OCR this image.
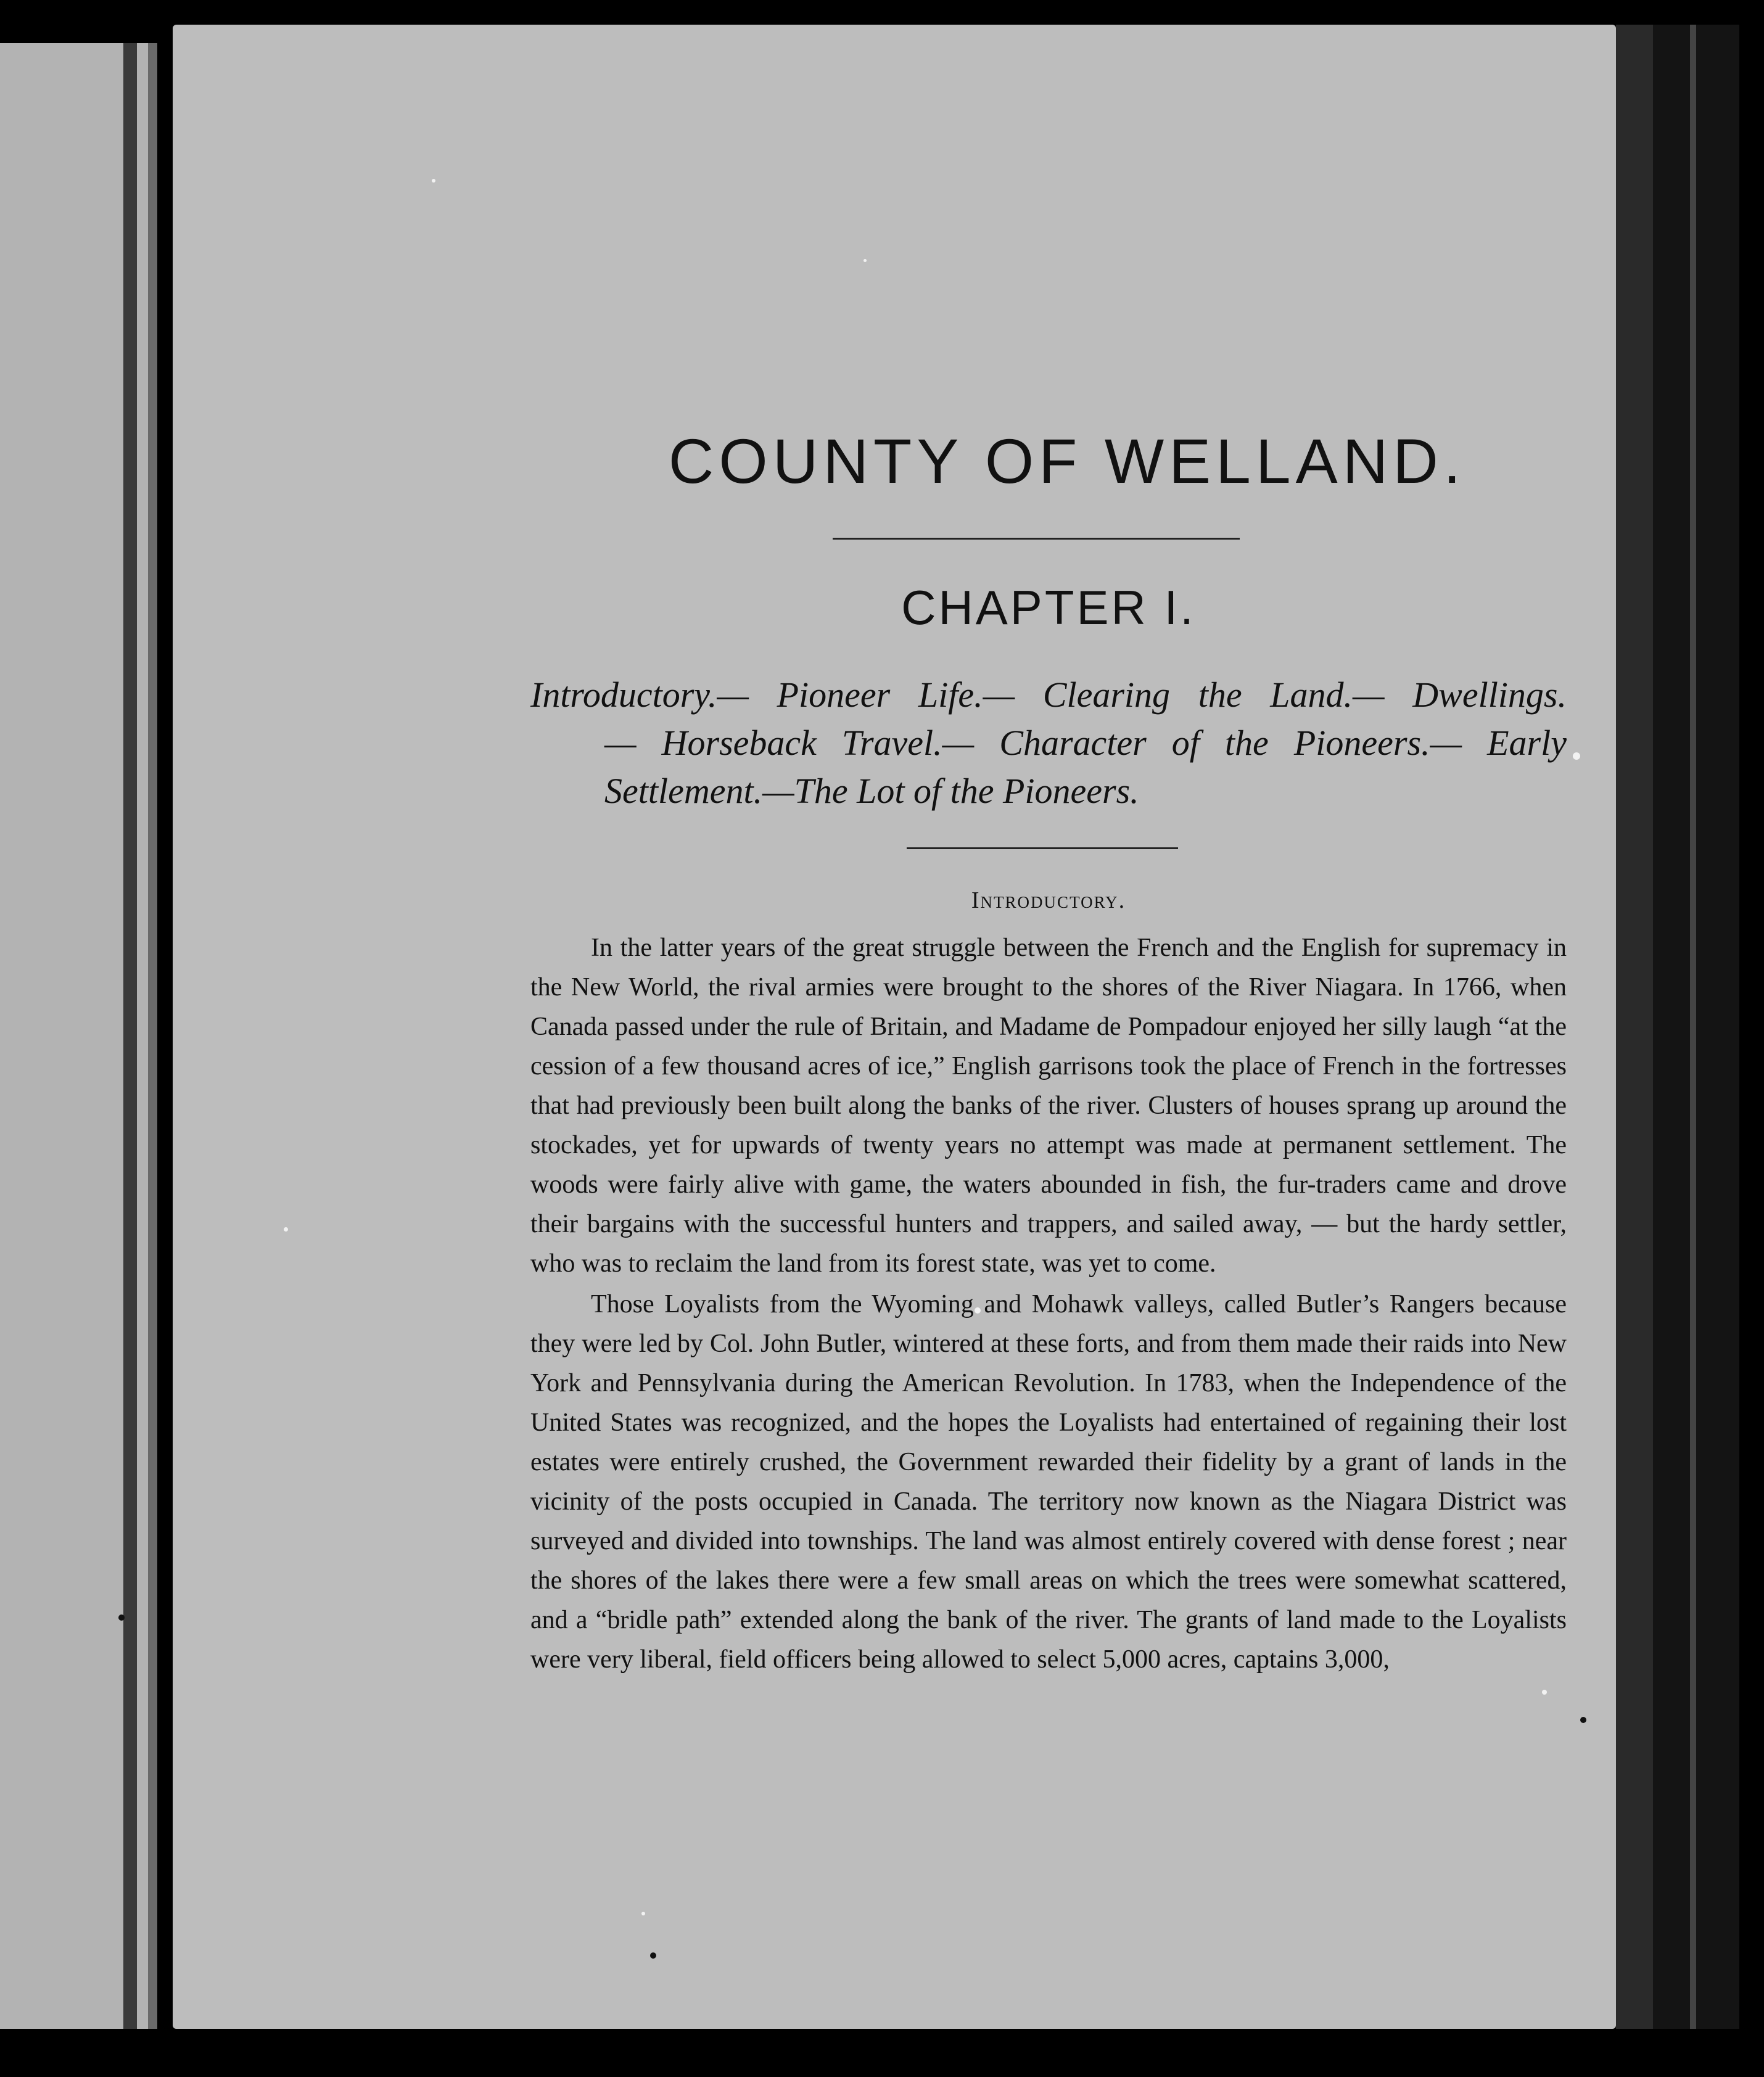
COUNTY OF WELLAND.
CHAPTER I.

Introductory.— Pioneer Life.— Clearing the Land.— Dwellings.
— Horseback Travel.— Character of the Pioneers.— Early Settlement.—The Lot of the Pioneers.

Introductory.

In the latter years of the great struggle between the French and the English for supremacy in the New World, the rival armies were brought to the shores of the River Niagara. In 1766, when Canada passed under the rule of Britain, and Madame de Pompadour enjoyed her silly laugh “at the cession of a few thousand acres of ice,” English garrisons took the place of French in the fortresses that had previously been built along the banks of the river. Clusters of houses sprang up around the stockades, yet for upwards of twenty years no attempt was made at permanent settlement. The woods were fairly alive with game, the waters abounded in fish, the fur-traders came and drove their bargains with the successful hunters and trappers, and sailed away, — but the hardy settler, who was to reclaim the land from its forest state, was yet to come.

Those Loyalists from the Wyoming and Mohawk valleys, called Butler’s Rangers because they were led by Col. John Butler, wintered at these forts, and from them made their raids into New York and Pennsylvania during the American Revolution. In 1783, when the Independence of the United States was recognized, and the hopes the Loyalists had entertained of regaining their lost estates were entirely crushed, the Government rewarded their fidelity by a grant of lands in the vicinity of the posts occupied in Canada. The territory now known as the Niagara District was surveyed and divided into townships. The land was almost entirely covered with dense forest ; near the shores of the lakes there were a few small areas on which the trees were somewhat scattered, and a “bridle path” extended along the bank of the river. The grants of land made to the Loyalists were very liberal, field officers being allowed to select 5,000 acres, captains 3,000,
